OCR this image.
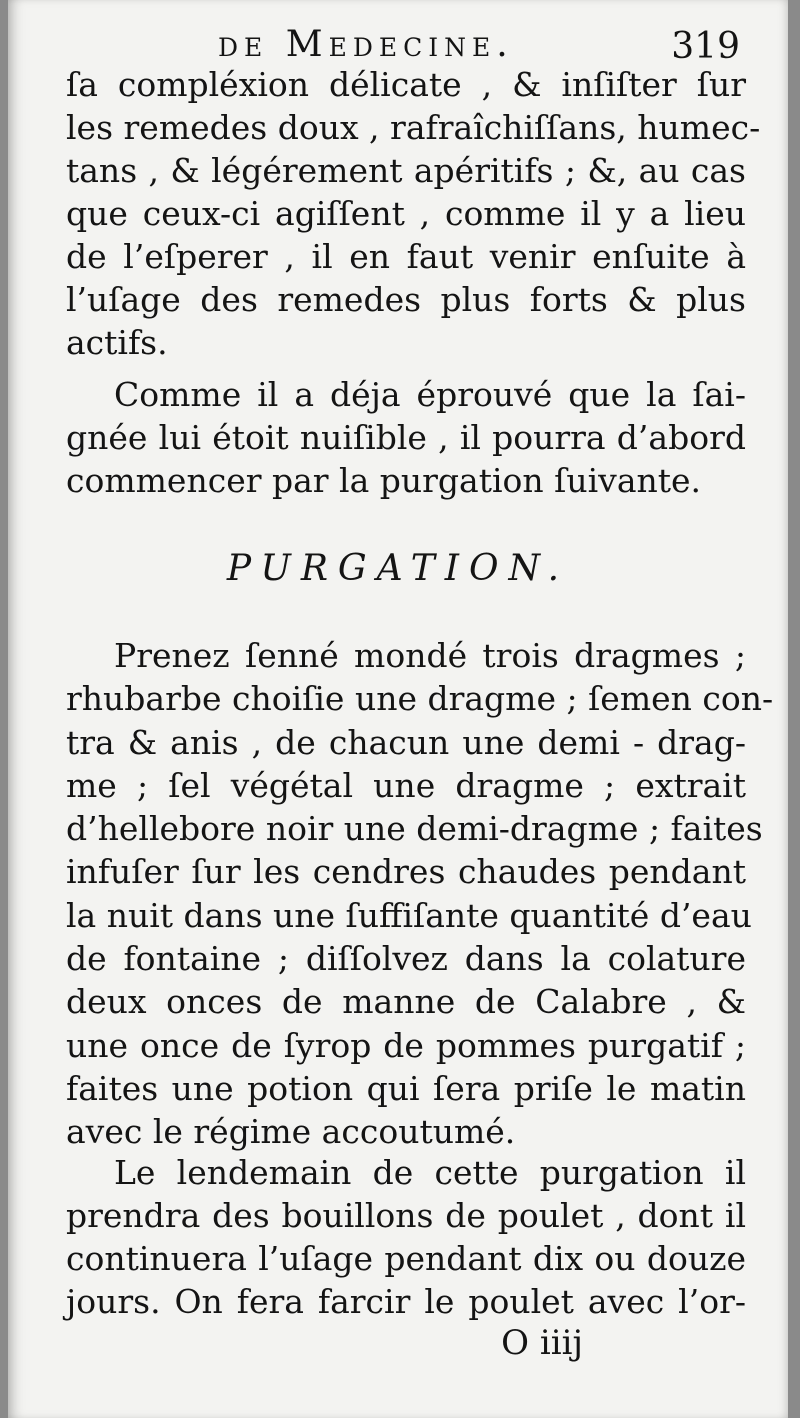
de Medecine.	319
ſa compléxion délicate , & inſiſter ſur
les remedes doux , rafraîchiſſans, humec-
tans , & légérement apéritifs ; &, au cas
que ceux-ci agiſſent , comme il y a lieu
de l’eſperer , il en faut venir enſuite à
l’uſage des remedes plus forts & plus
actifs.
Comme il a déja éprouvé que la ſai-
gnée lui étoit nuiſible , il pourra d’abord
commencer par la purgation ſuivante.
PURGATION.
Prenez ſenné mondé trois dragmes ;
rhubarbe choiſie une dragme ; ſemen con-
tra & anis , de chacun une demi - drag-
me ; ſel végétal une dragme ; extrait
d’hellebore noir une demi-dragme ; faites
infuſer ſur les cendres chaudes pendant
la nuit dans une ſuffiſante quantité d’eau
de fontaine ; diſſolvez dans la colature
deux onces de manne de Calabre , &
une once de ſyrop de pommes purgatif ;
faites une potion qui ſera priſe le matin
avec le régime accoutumé.
Le lendemain de cette purgation il
prendra des bouillons de poulet , dont il
continuera l’uſage pendant dix ou douze
jours. On fera farcir le poulet avec l’or-
O iiij
